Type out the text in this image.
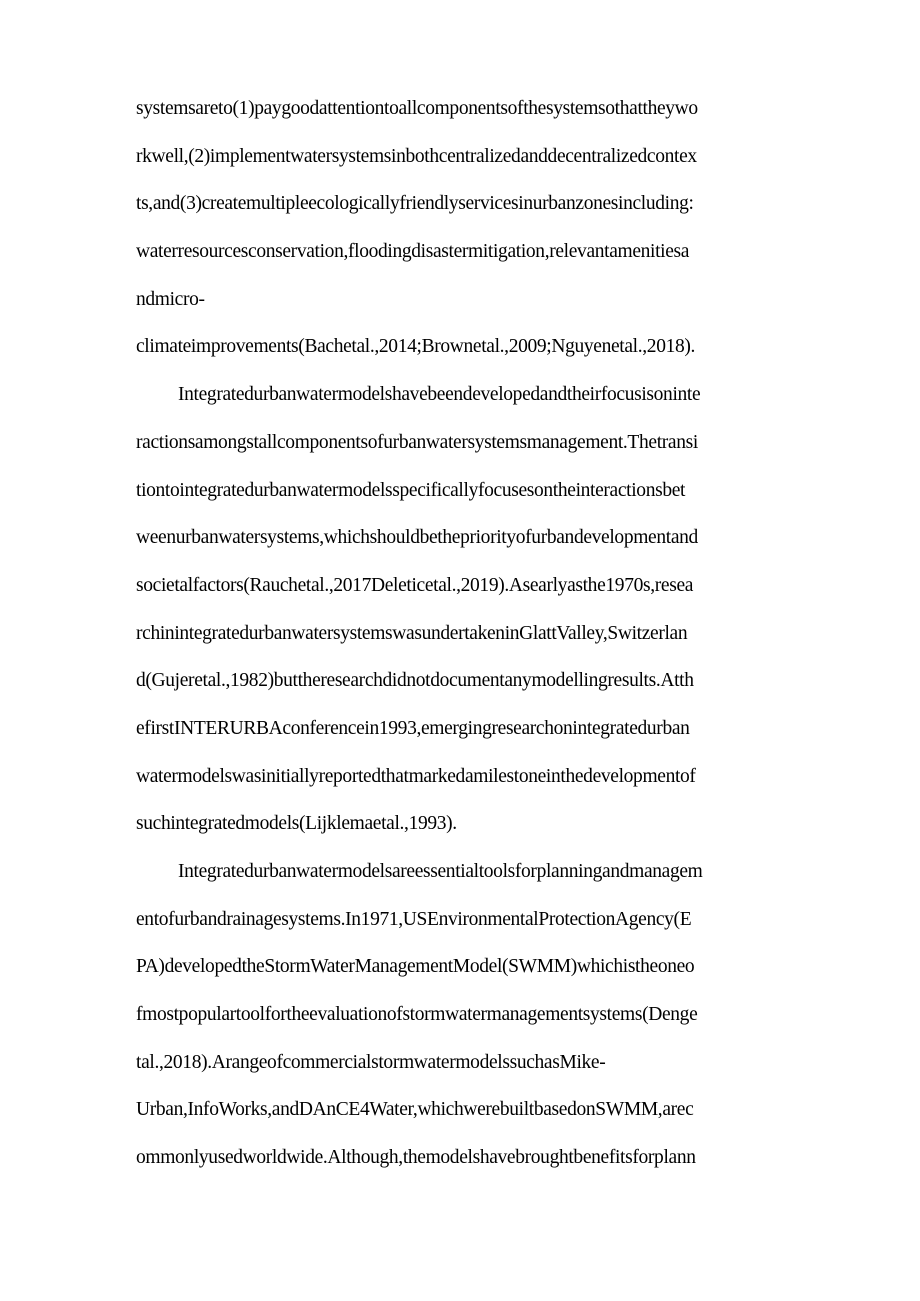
systemsareto(1)paygoodattentiontoallcomponentsofthesystemsothattheywo
rkwell,(2)implementwatersystemsinbothcentralizedanddecentralizedcontex
ts,and(3)createmultipleecologicallyfriendlyservicesinurbanzonesincluding:
waterresourcesconservation,floodingdisastermitigation,relevantamenitiesa
ndmicro-
climateimprovements(Bachetal.,2014;Brownetal.,2009;Nguyenetal.,2018).
Integratedurbanwatermodelshavebeendevelopedandtheirfocusisoninte
ractionsamongstallcomponentsofurbanwatersystemsmanagement.Thetransi
tiontointegratedurbanwatermodelsspecificallyfocusesontheinteractionsbet
weenurbanwatersystems,whichshouldbethepriorityofurbandevelopmentand
societalfactors(Rauchetal.,2017Deleticetal.,2019).Asearlyasthe1970s,resea
rchinintegratedurbanwatersystemswasundertakeninGlattValley,Switzerlan
d(Gujeretal.,1982)buttheresearchdidnotdocumentanymodellingresults.Atth
efirstINTERURBAconferencein1993,emergingresearchonintegratedurban
watermodelswasinitiallyreportedthatmarkedamilestoneinthedevelopmentof
suchintegratedmodels(Lijklemaetal.,1993).
Integratedurbanwatermodelsareessentialtoolsforplanningandmanagem
entofurbandrainagesystems.In1971,USEnvironmentalProtectionAgency(E
PA)developedtheStormWaterManagementModel(SWMM)whichistheoneo
fmostpopulartoolfortheevaluationofstormwatermanagementsystems(Denge
tal.,2018).ArangeofcommercialstormwatermodelssuchasMike-
Urban,InfoWorks,andDAnCE4Water,whichwerebuiltbasedonSWMM,arec
ommonlyusedworldwide.Although,themodelshavebroughtbenefitsforplann
